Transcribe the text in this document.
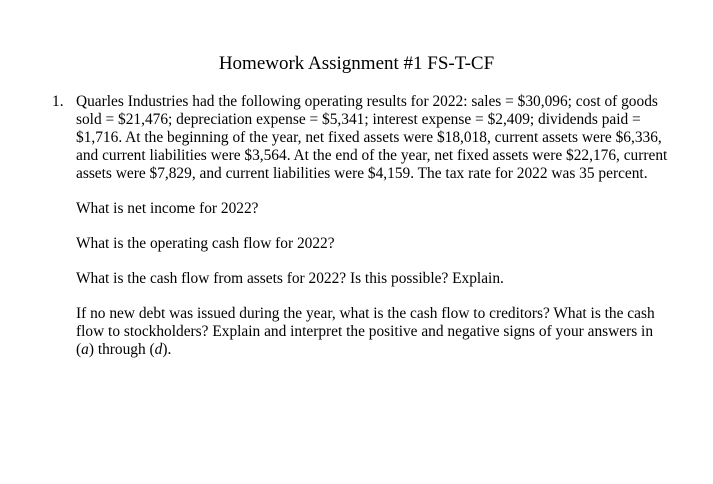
Homework Assignment #1 FS-T-CF
1. Quarles Industries had the following operating results for 2022: sales = $30,096; cost of goods sold = $21,476; depreciation expense = $5,341; interest expense = $2,409; dividends paid = $1,716. At the beginning of the year, net fixed assets were $18,018, current assets were $6,336, and current liabilities were $3,564. At the end of the year, net fixed assets were $22,176, current assets were $7,829, and current liabilities were $4,159. The tax rate for 2022 was 35 percent.

What is net income for 2022?

What is the operating cash flow for 2022?

What is the cash flow from assets for 2022? Is this possible? Explain.

If no new debt was issued during the year, what is the cash flow to creditors? What is the cash flow to stockholders? Explain and interpret the positive and negative signs of your answers in (a) through (d).
